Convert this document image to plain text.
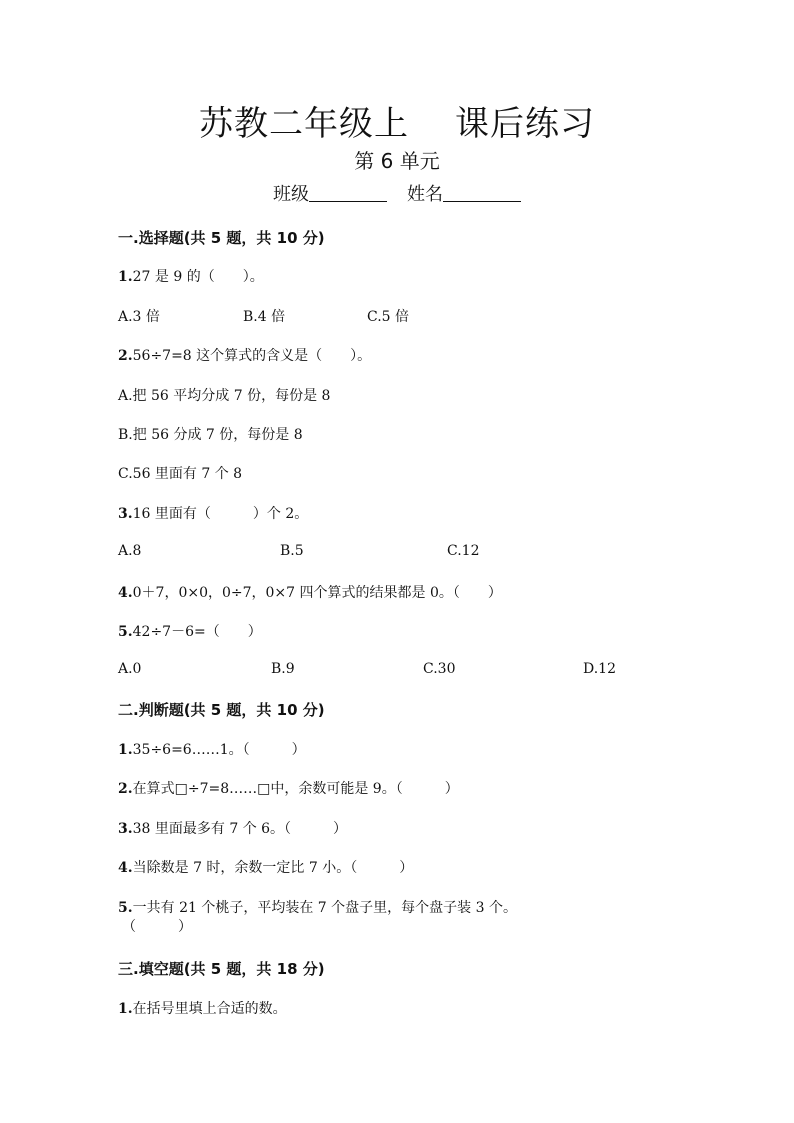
苏教二年级上 课后练习
第 6 单元
班级	姓名
一.选择题(共 5 题，共 10 分)
1.27 是 9 的（　　）。
A.3 倍	B.4 倍	C.5 倍
2.56÷7=8 这个算式的含义是（　　）。
A.把 56 平均分成 7 份，每份是 8
B.把 56 分成 7 份，每份是 8
C.56 里面有 7 个 8
3.16 里面有（　　　）个 2。
A.8	B.5	C.12
4.0＋7，0×0，0÷7，0×7 四个算式的结果都是 0。（　　）
5.42÷7－6=（　　）
A.0	B.9	C.30	D.12
二.判断题(共 5 题，共 10 分)
1.35÷6=6……1。（　　　）
2.在算式□÷7=8……□中，余数可能是 9。（　　　）
3.38 里面最多有 7 个 6。（　　　）
4.当除数是 7 时，余数一定比 7 小。（　　　）
5.一共有 21 个桃子，平均装在 7 个盘子里，每个盘子装 3 个。
（　　　）
三.填空题(共 5 题，共 18 分)
1.在括号里填上合适的数。
